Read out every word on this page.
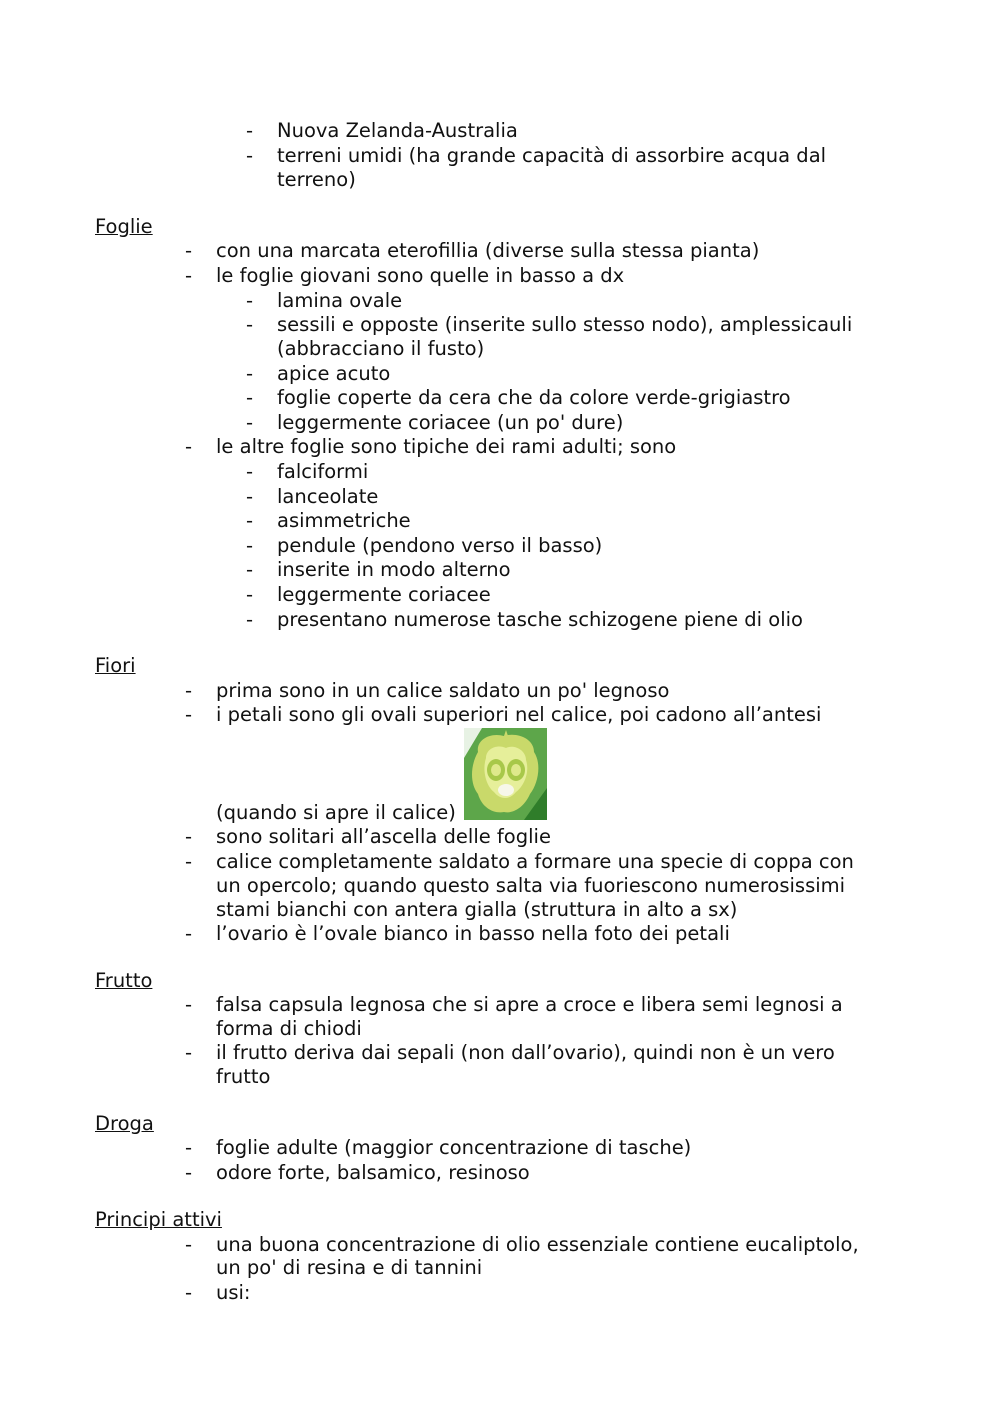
- Nuova Zelanda-Australia
- terreni umidi (ha grande capacità di assorbire acqua dal
terreno)
Foglie
- con una marcata eterofillia (diverse sulla stessa pianta)
- le foglie giovani sono quelle in basso a dx
- lamina ovale
- sessili e opposte (inserite sullo stesso nodo), amplessicauli
(abbracciano il fusto)
- apice acuto
- foglie coperte da cera che da colore verde-grigiastro
- leggermente coriacee (un po' dure)
- le altre foglie sono tipiche dei rami adulti; sono
- falciformi
- lanceolate
- asimmetriche
- pendule (pendono verso il basso)
- inserite in modo alterno
- leggermente coriacee
- presentano numerose tasche schizogene piene di olio
Fiori
- prima sono in un calice saldato un po' legnoso
- i petali sono gli ovali superiori nel calice, poi cadono all’antesi
(quando si apre il calice)
- sono solitari all’ascella delle foglie
- calice completamente saldato a formare una specie di coppa con
un opercolo; quando questo salta via fuoriescono numerosissimi
stami bianchi con antera gialla (struttura in alto a sx)
- l’ovario è l’ovale bianco in basso nella foto dei petali
Frutto
- falsa capsula legnosa che si apre a croce e libera semi legnosi a
forma di chiodi
- il frutto deriva dai sepali (non dall’ovario), quindi non è un vero
frutto
Droga
- foglie adulte (maggior concentrazione di tasche)
- odore forte, balsamico, resinoso
Principi attivi
- una buona concentrazione di olio essenziale contiene eucaliptolo,
un po' di resina e di tannini
- usi:
